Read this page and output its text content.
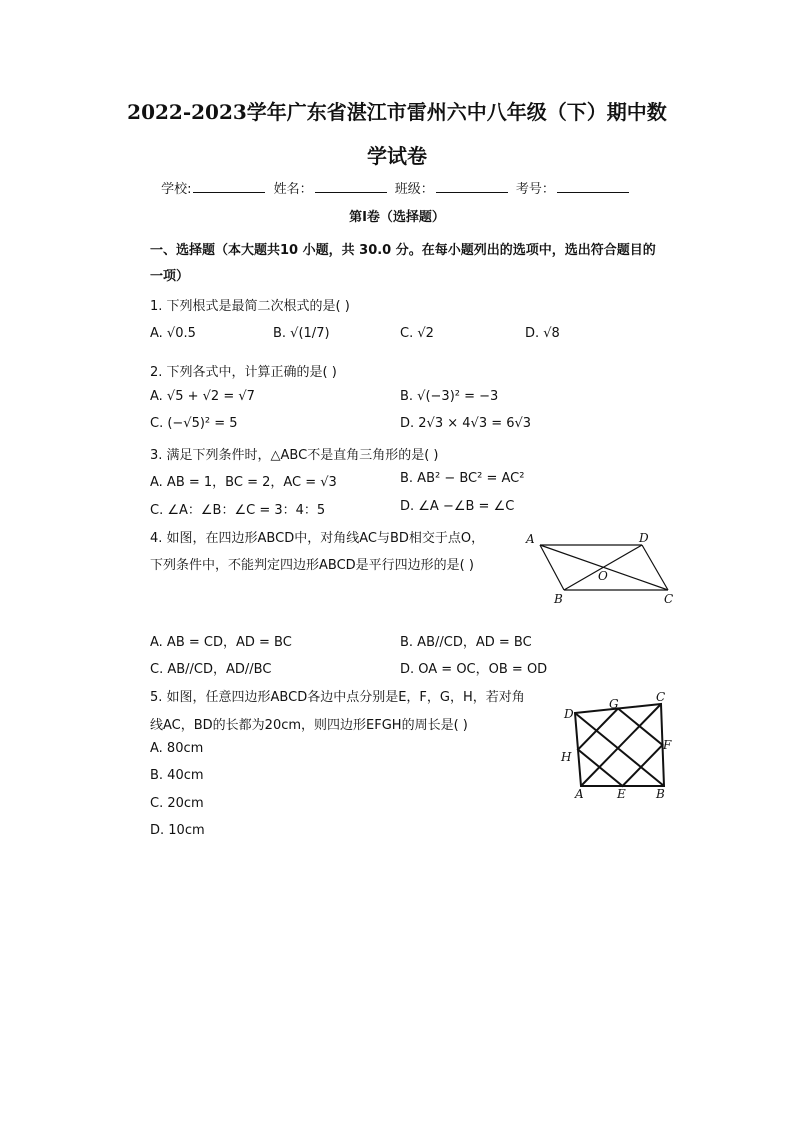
2022-2023学年广东省湛江市雷州六中八年级（下）期中数
学试卷
学校:	姓名：	班级：	考号：
第Ⅰ卷（选择题）
一、选择题（本大题共10 小题，共 30.0 分。在每小题列出的选项中，选出符合题目的
一项）
1. 下列根式是最简二次根式的是( )
A. √0.5	B. √(1/7)	C. √2	D. √8
2. 下列各式中，计算正确的是( )
A. √5 + √2 = √7	B. √(−3)² = −3
C. (−√5)² = 5	D. 2√3 × 4√3 = 6√3
3. 满足下列条件时，△ABC不是直角三角形的是( )
A. AB = 1，BC = 2，AC = √3	B. AB² − BC² = AC²
C. ∠A：∠B：∠C = 3：4：5	D. ∠A −∠B = ∠C
4. 如图，在四边形ABCD中，对角线AC与BD相交于点O，
下列条件中，不能判定四边形ABCD是平行四边形的是( )
A	D
O
B	C
A. AB = CD，AD = BC	B. AB//CD，AD = BC
C. AB//CD，AD//BC	D. OA = OC，OB = OD
5. 如图，任意四边形ABCD各边中点分别是E，F，G，H，若对角
线AC，BD的长都为20cm，则四边形EFGH的周长是( )
A. 80cm
B. 40cm
C. 20cm
D. 10cm
C
G
D
F
H
A	E	B
